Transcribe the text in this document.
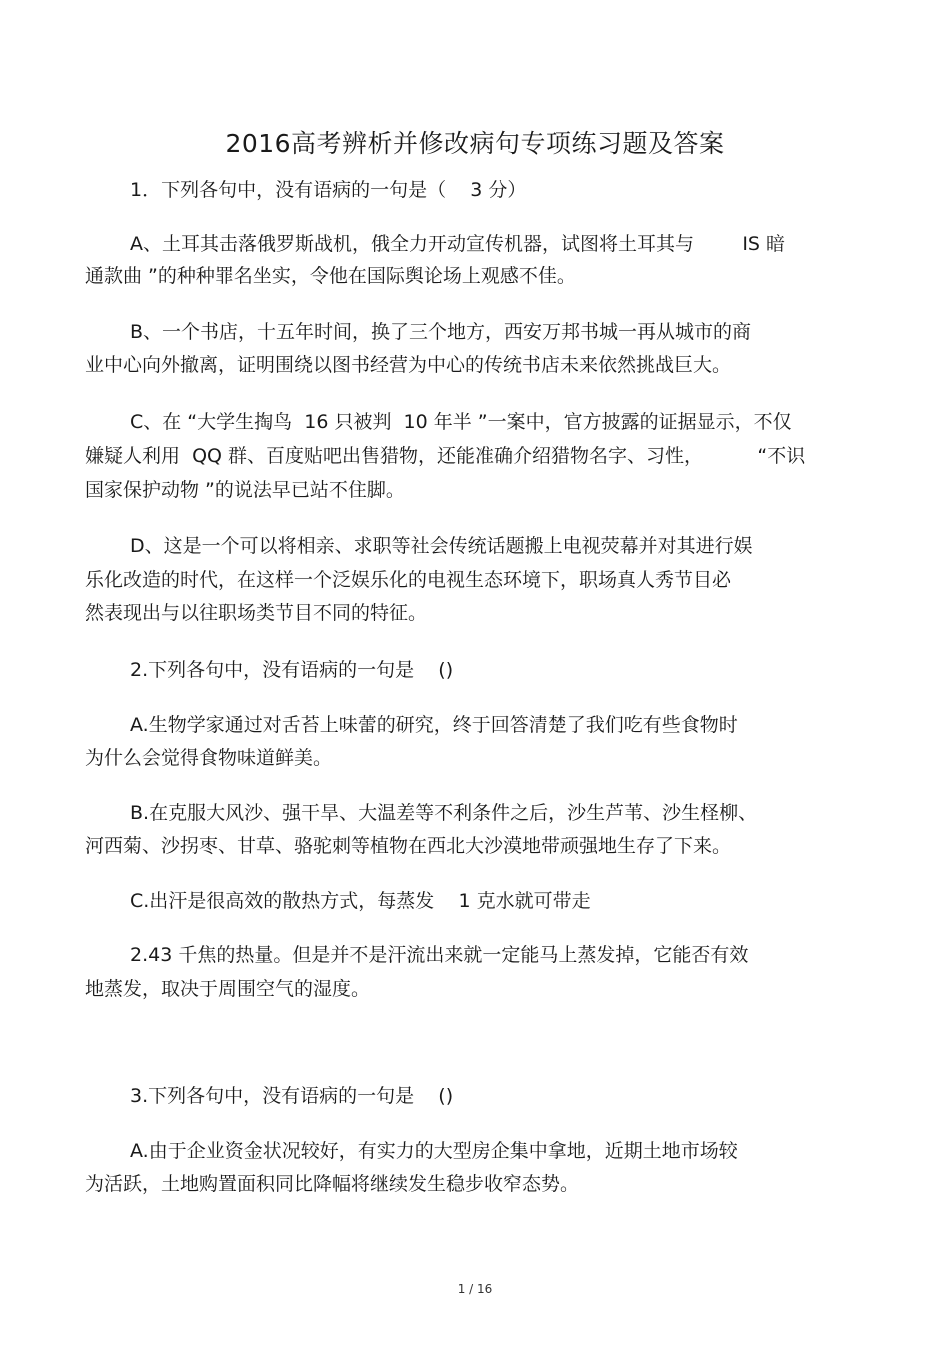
2016高考辨析并修改病句专项练习题及答案

1．下列各句中，没有语病的一句是（    3 分）

A、土耳其击落俄罗斯战机，俄全力开动宣传机器，试图将土耳其与        IS 暗

通款曲 ”的种种罪名坐实，令他在国际舆论场上观感不佳。

B、一个书店，十五年时间，换了三个地方，西安万邦书城一再从城市的商

业中心向外撤离，证明围绕以图书经营为中心的传统书店未来依然挑战巨大。

C、在 “大学生掏鸟  16 只被判  10 年半 ”一案中，官方披露的证据显示，不仅

嫌疑人利用  QQ 群、百度贴吧出售猎物，还能准确介绍猎物名字、习性，         “不识

国家保护动物 ”的说法早已站不住脚。

D、这是一个可以将相亲、求职等社会传统话题搬上电视荧幕并对其进行娱

乐化改造的时代，在这样一个泛娱乐化的电视生态环境下，职场真人秀节目必

然表现出与以往职场类节目不同的特征。

2.下列各句中，没有语病的一句是    ()

A.生物学家通过对舌苔上味蕾的研究，终于回答清楚了我们吃有些食物时

为什么会觉得食物味道鲜美。

B.在克服大风沙、强干旱、大温差等不利条件之后，沙生芦苇、沙生柽柳、

河西菊、沙拐枣、甘草、骆驼刺等植物在西北大沙漠地带顽强地生存了下来。

C.出汗是很高效的散热方式，每蒸发    1 克水就可带走

2.43 千焦的热量。但是并不是汗流出来就一定能马上蒸发掉，它能否有效

地蒸发，取决于周围空气的湿度。

3.下列各句中，没有语病的一句是    ()

A.由于企业资金状况较好，有实力的大型房企集中拿地，近期土地市场较

为活跃，土地购置面积同比降幅将继续发生稳步收窄态势。

1 / 16
